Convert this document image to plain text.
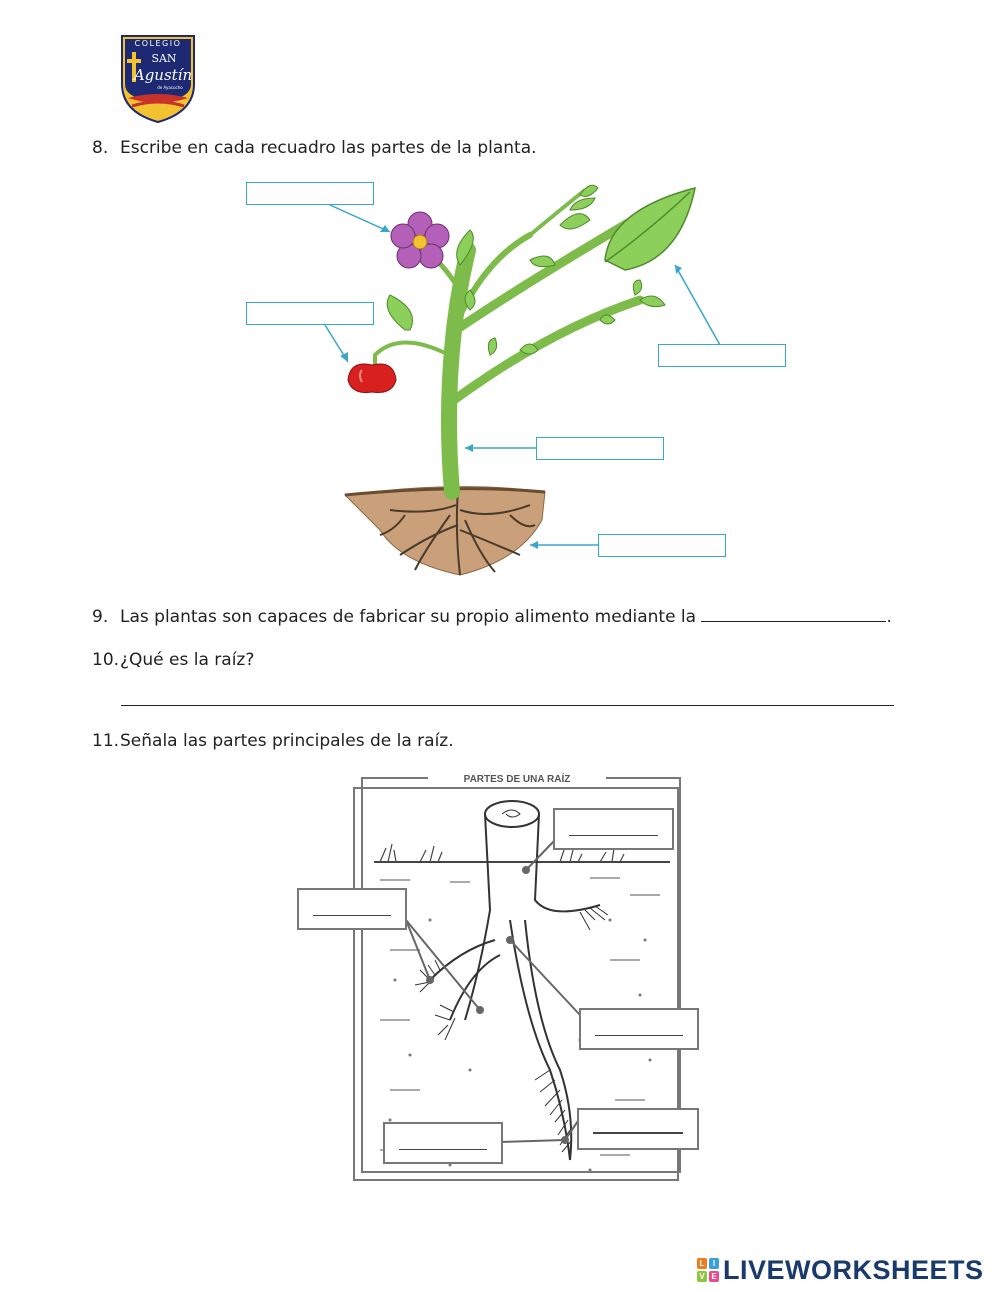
COLEGIO
SAN
Agustín
de Ayacucho
8. Escribe en cada recuadro las partes de la planta.
9. Las plantas son capaces de fabricar su propio alimento mediante la	.
10.¿Qué es la raíz?
11.Señala las partes principales de la raíz.
PARTES DE UNA RAÍZ
L	I
V E LIVEWORKSHEETS
